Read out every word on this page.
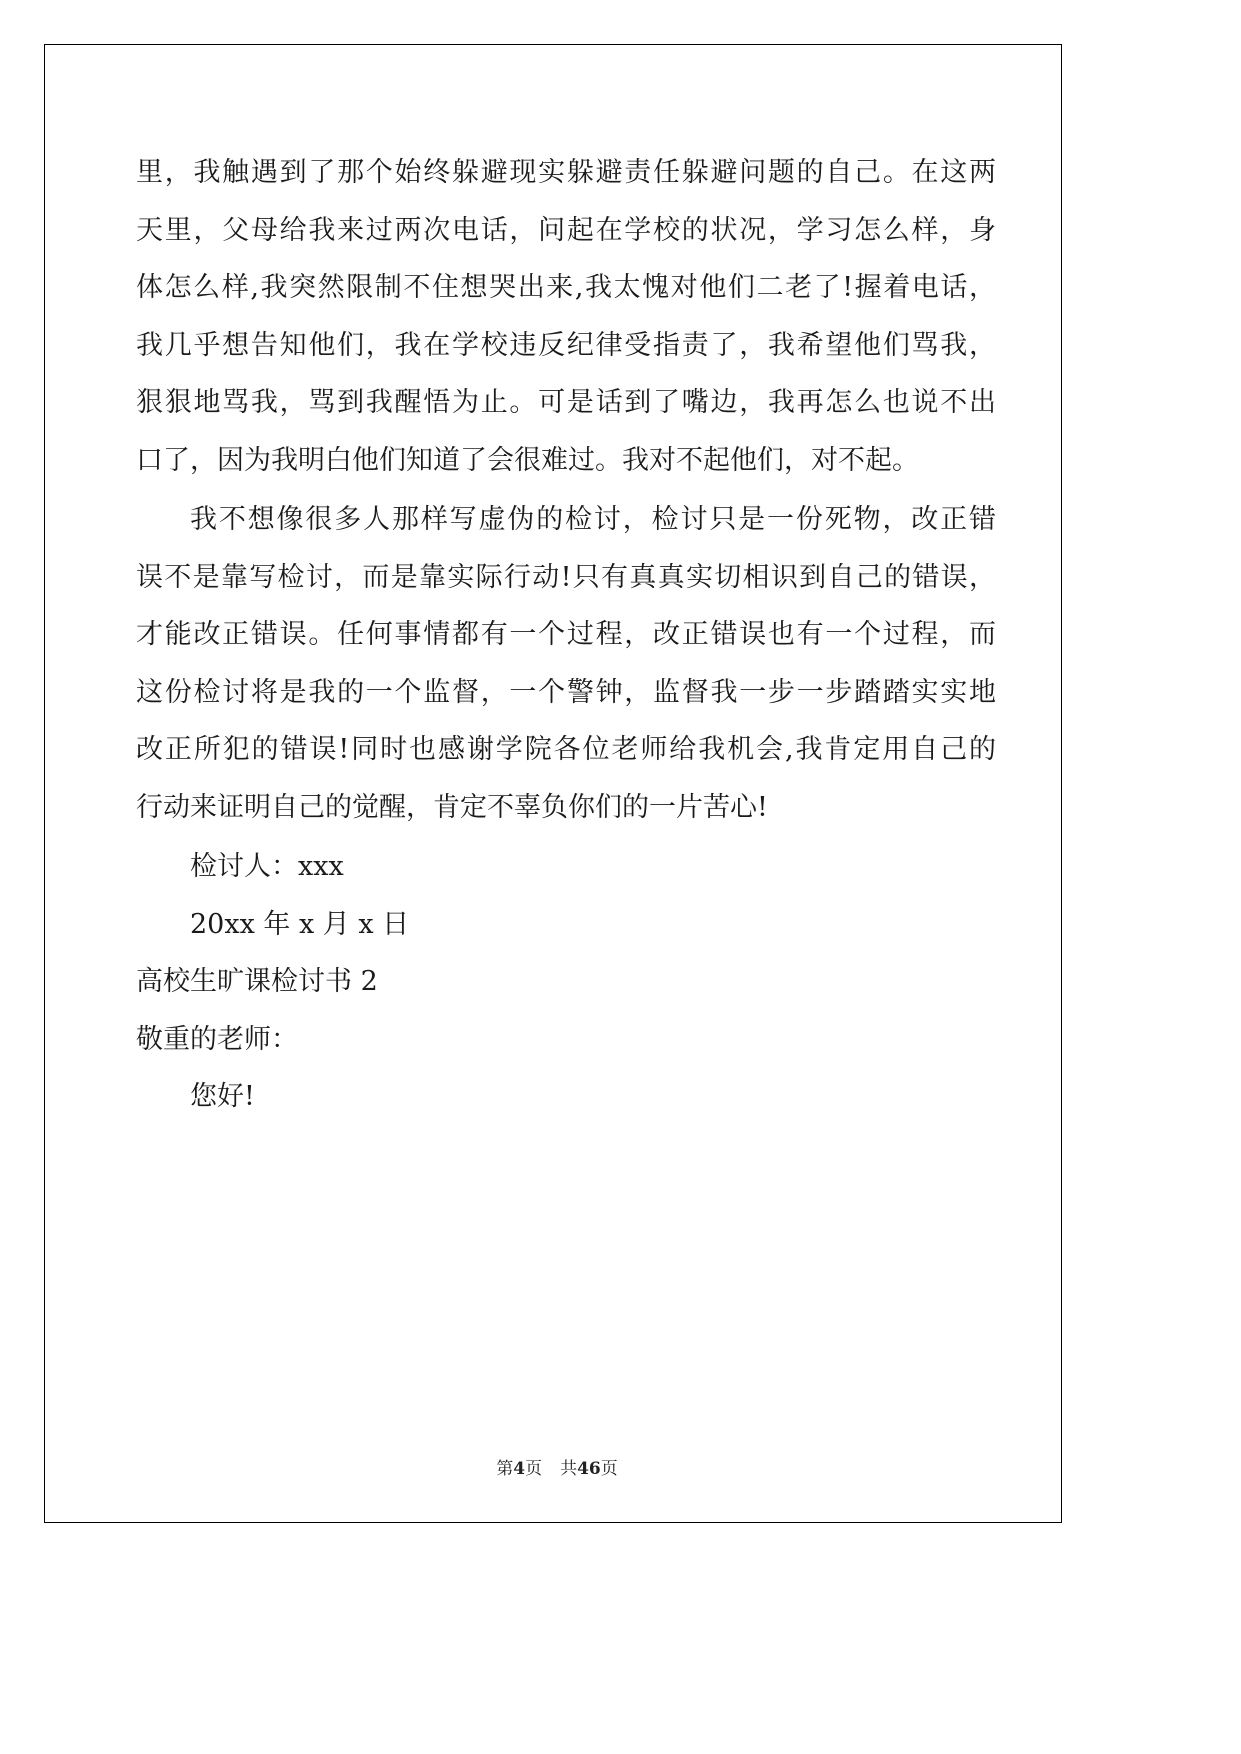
里，我触遇到了那个始终躲避现实躲避责任躲避问题的自己。在这两
天里，父母给我来过两次电话，问起在学校的状况，学习怎么样，身
体怎么样,我突然限制不住想哭出来,我太愧对他们二老了!握着电话，
我几乎想告知他们，我在学校违反纪律受指责了，我希望他们骂我，
狠狠地骂我，骂到我醒悟为止。可是话到了嘴边，我再怎么也说不出
口了，因为我明白他们知道了会很难过。我对不起他们，对不起。
我不想像很多人那样写虚伪的检讨，检讨只是一份死物，改正错
误不是靠写检讨，而是靠实际行动!只有真真实切相识到自己的错误，
才能改正错误。任何事情都有一个过程，改正错误也有一个过程，而
这份检讨将是我的一个监督，一个警钟，监督我一步一步踏踏实实地
改正所犯的错误!同时也感谢学院各位老师给我机会,我肯定用自己的
行动来证明自己的觉醒，肯定不辜负你们的一片苦心!
检讨人：xxx
20xx 年 x 月 x 日
高校生旷课检讨书 2
敬重的老师：
您好!
第4页 共46页
